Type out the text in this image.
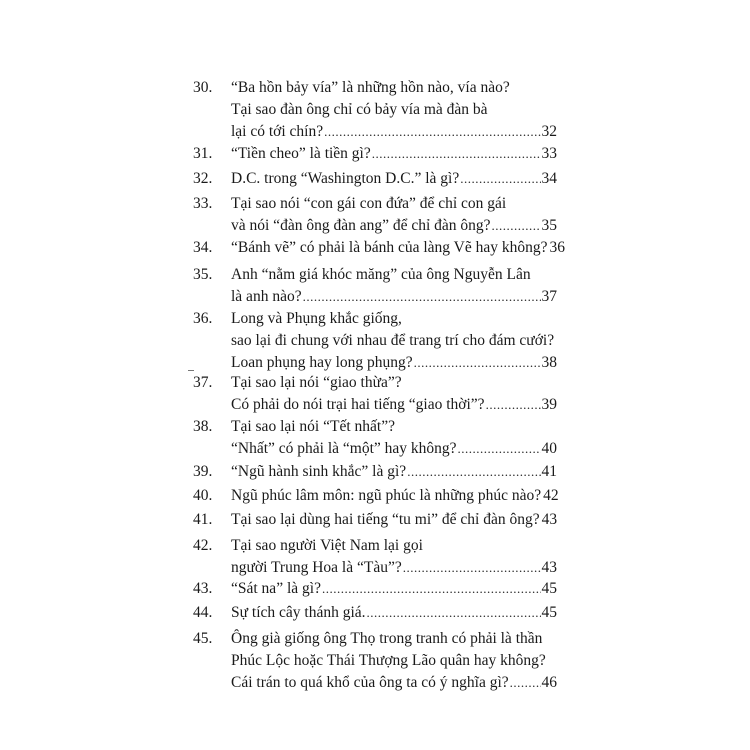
30. “Ba hồn bảy vía” là những hồn nào, vía nào?
Tại sao đàn ông chỉ có bảy vía mà đàn bà
lại có tới chín? .....	32
31. “Tiền cheo” là tiền gì? .....	33
32. D.C. trong “Washington D.C.” là gì? .....	34
33. Tại sao nói “con gái con đứa” để chỉ con gái
và nói “đàn ông đàn ang” để chỉ đàn ông? .....	35
34. “Bánh vẽ” có phải là bánh của làng Vẽ hay không? 36
35. Anh “nằm giá khóc măng” của ông Nguyễn Lân
là anh nào? .....	37
36. Long và Phụng khắc giống,
sao lại đi chung với nhau để trang trí cho đám cưới?
Loan phụng hay long phụng? .....	38
37. Tại sao lại nói “giao thừa”?
Có phải do nói trại hai tiếng “giao thời”? .....	39
38. Tại sao lại nói “Tết nhất”?
“Nhất” có phải là “một” hay không? .....	40
39. “Ngũ hành sinh khắc” là gì? .....	41
40. Ngũ phúc lâm môn: ngũ phúc là những phúc nào? 42
41. Tại sao lại dùng hai tiếng “tu mi” để chỉ đàn ông? 43
42. Tại sao người Việt Nam lại gọi
người Trung Hoa là “Tàu”? .....	43
43. “Sát na” là gì? .....	45
44. Sự tích cây thánh giá. .....	45
45. Ông già giống ông Thọ trong tranh có phải là thần
Phúc Lộc hoặc Thái Thượng Lão quân hay không?
Cái trán to quá khổ của ông ta có ý nghĩa gì? ..... 46
